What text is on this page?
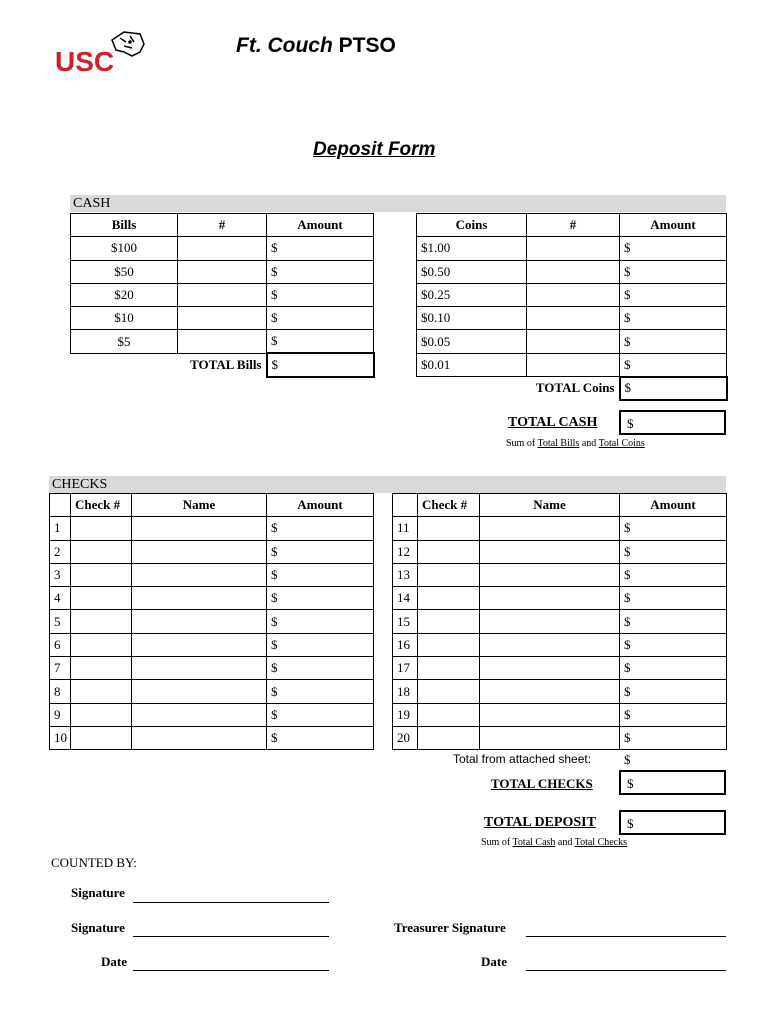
USC
Ft. Couch PTSO
Deposit Form
CASH
Bills	#	Amount
$100		$
$50		$
$20		$
$10		$
$5		$
	TOTAL Bills	$
Coins	#	Amount
$1.00		$
$0.50		$
$0.25		$
$0.10		$
$0.05		$
$0.01		$
	TOTAL Coins	$
TOTAL CASH	$
Sum of Total Bills and Total Coins
CHECKS
	Check #	Name	Amount
1			$
2			$
3			$
4			$
5			$
6			$
7			$
8			$
9			$
10			$
	Check #	Name	Amount
11			$
12			$
13			$
14			$
15			$
16			$
17			$
18			$
19			$
20			$
Total from attached sheet:	$
TOTAL CHECKS	$
TOTAL DEPOSIT	$
Sum of Total Cash and Total Checks
COUNTED BY:
Signature
Signature
Date
Treasurer Signature
Date
